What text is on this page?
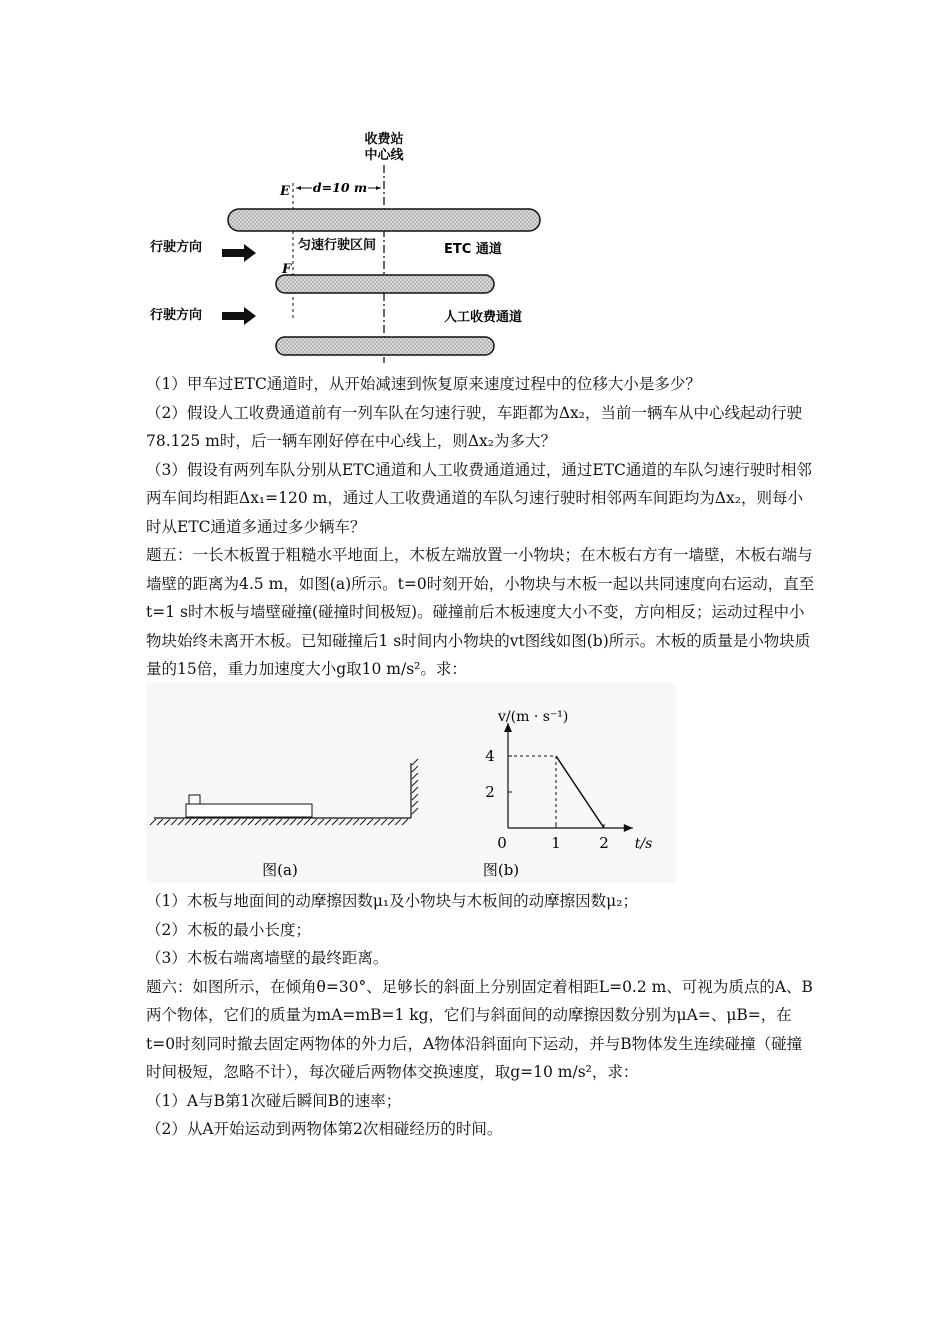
收费站
中心线
E d=10 m
行驶方向	匀速行驶区间	ETC 通道
F
行驶方向	人工收费通道

（1）甲车过ETC通道时，从开始减速到恢复原来速度过程中的位移大小是多少？

（2）假设人工收费通道前有一列车队在匀速行驶，车距都为Δx₂，当前一辆车从中心线起动行驶78.125 m时，后一辆车刚好停在中心线上，则Δx₂为多大？

（3）假设有两列车队分别从ETC通道和人工收费通道通过，通过ETC通道的车队匀速行驶时相邻两车间均相距Δx₁=120 m，通过人工收费通道的车队匀速行驶时相邻两车间距均为Δx₂，则每小时从ETC通道多通过多少辆车？

题五：一长木板置于粗糙水平地面上，木板左端放置一小物块；在木板右方有一墙壁，木板右端与墙壁的距离为4.5 m，如图(a)所示。t=0时刻开始，小物块与木板一起以共同速度向右运动，直至t=1 s时木板与墙壁碰撞(碰撞时间极短)。碰撞前后木板速度大小不变，方向相反；运动过程中小物块始终未离开木板。已知碰撞后1 s时间内小物块的vt图线如图(b)所示。木板的质量是小物块质量的15倍，重力加速度大小g取10 m/s²。求：

图(a)
v/(m · s⁻¹)
t/s
图(b)
0	1	2
2
4

（1）木板与地面间的动摩擦因数μ₁及小物块与木板间的动摩擦因数μ₂；

（2）木板的最小长度；

（3）木板右端离墙壁的最终距离。

题六：如图所示，在倾角θ=30°、足够长的斜面上分别固定着相距L=0.2 m、可视为质点的A、B两个物体，它们的质量为mA=mB=1 kg，它们与斜面间的动摩擦因数分别为μA=、μB=，在t=0时刻同时撤去固定两物体的外力后，A物体沿斜面向下运动，并与B物体发生连续碰撞（碰撞时间极短，忽略不计），每次碰后两物体交换速度，取g=10 m/s²，求：

（1）A与B第1次碰后瞬间B的速率；

（2）从A开始运动到两物体第2次相碰经历的时间。
